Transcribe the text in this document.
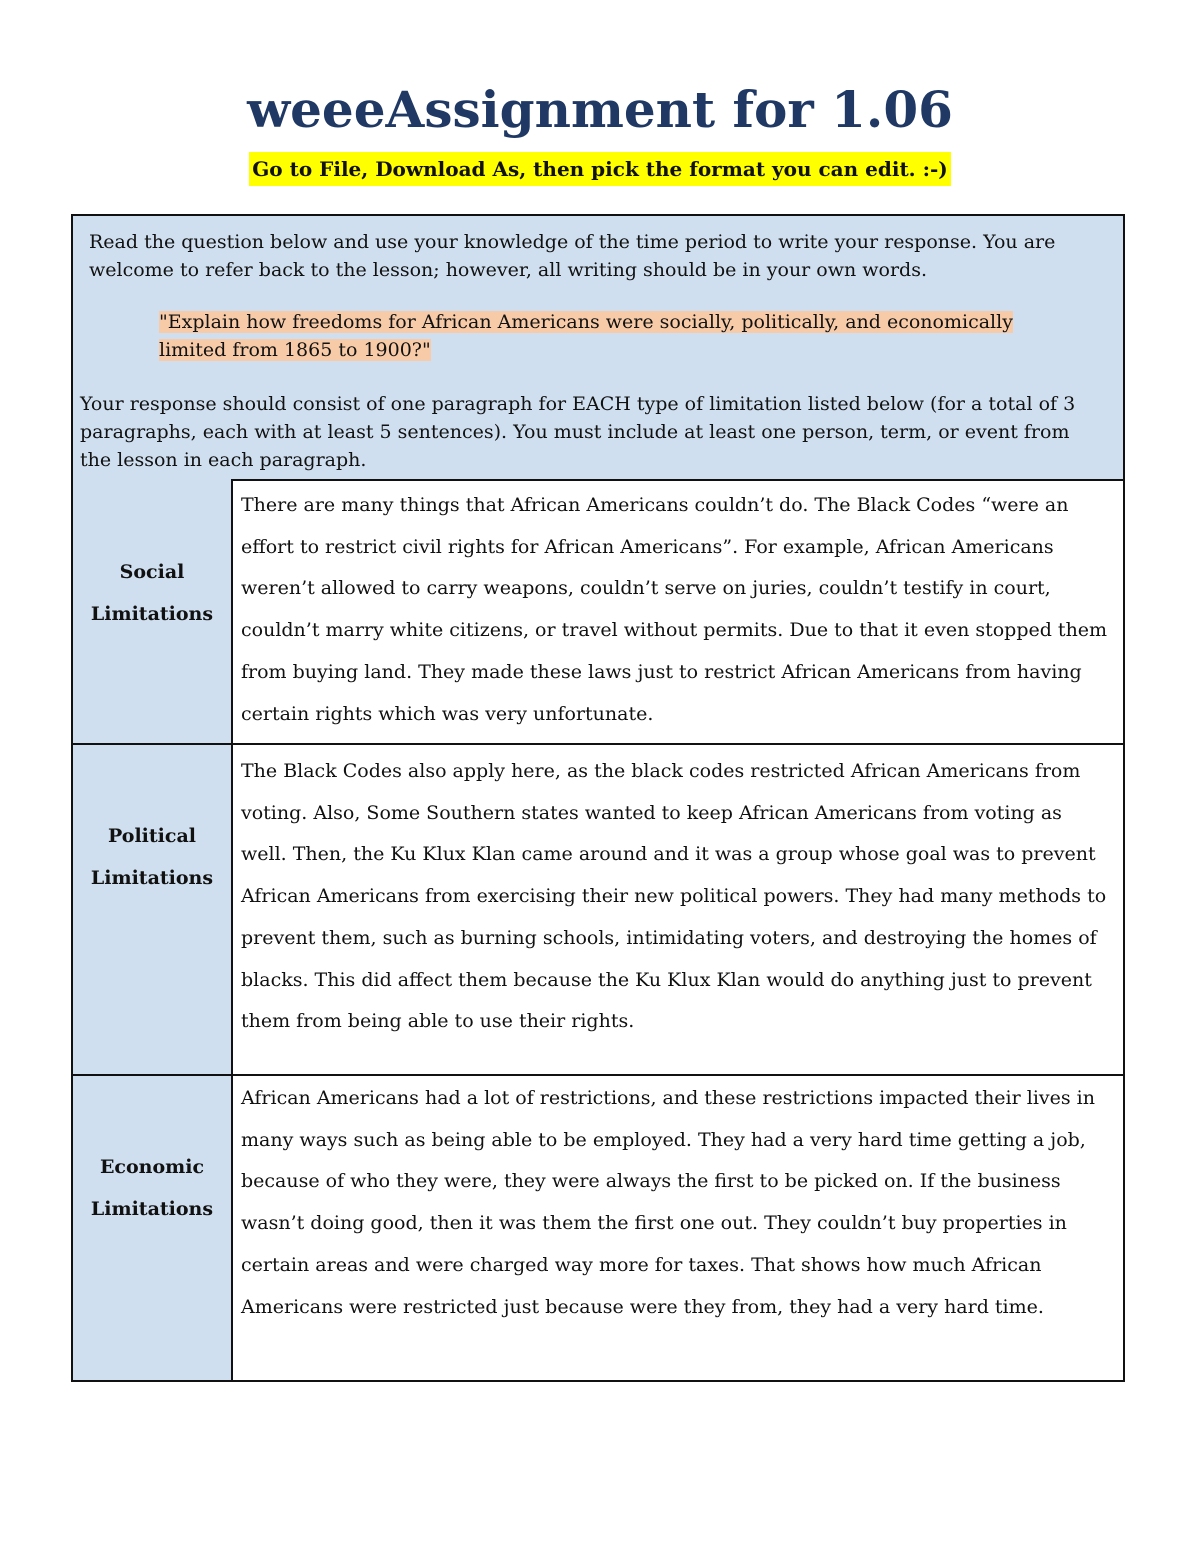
weeeAssignment for 1.06
Go to File, Download As, then pick the format you can edit. :-)

Read the question below and use your knowledge of the time period to write your response. You are welcome to refer back to the lesson; however, all writing should be in your own words.

"Explain how freedoms for African Americans were socially, politically, and economically limited from 1865 to 1900?"

Your response should consist of one paragraph for EACH type of limitation listed below (for a total of 3 paragraphs, each with at least 5 sentences). You must include at least one person, term, or event from the lesson in each paragraph.

Social Limitations

There are many things that African Americans couldn’t do. The Black Codes “were an effort to restrict civil rights for African Americans”. For example, African Americans weren’t allowed to carry weapons, couldn’t serve on juries, couldn’t testify in court, couldn’t marry white citizens, or travel without permits. Due to that it even stopped them from buying land. They made these laws just to restrict African Americans from having certain rights which was very unfortunate.

Political Limitations

The Black Codes also apply here, as the black codes restricted African Americans from voting. Also, Some Southern states wanted to keep African Americans from voting as well. Then, the Ku Klux Klan came around and it was a group whose goal was to prevent African Americans from exercising their new political powers. They had many methods to prevent them, such as burning schools, intimidating voters, and destroying the homes of blacks. This did affect them because the Ku Klux Klan would do anything just to prevent them from being able to use their rights.

Economic Limitations

African Americans had a lot of restrictions, and these restrictions impacted their lives in many ways such as being able to be employed. They had a very hard time getting a job, because of who they were, they were always the first to be picked on. If the business wasn’t doing good, then it was them the first one out. They couldn’t buy properties in certain areas and were charged way more for taxes. That shows how much African Americans were restricted just because were they from, they had a very hard time.
